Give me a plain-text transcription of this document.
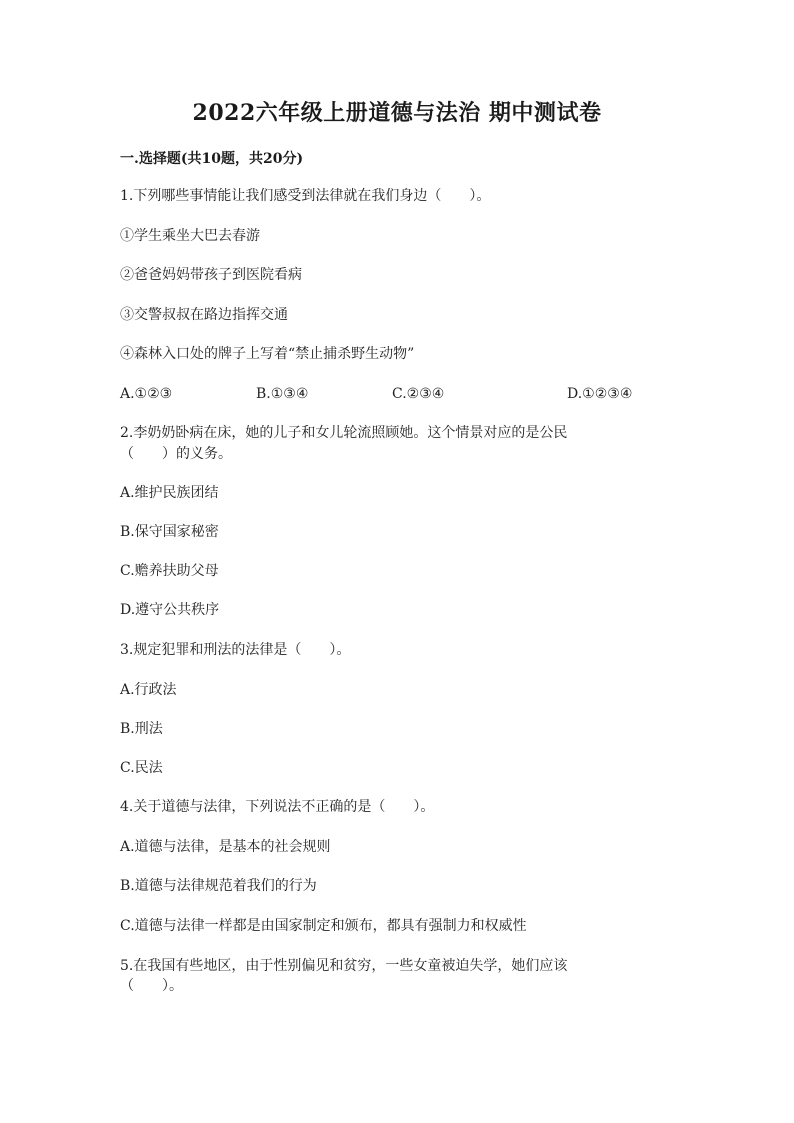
2022六年级上册道德与法治 期中测试卷
一.选择题(共10题，共20分)
1.下列哪些事情能让我们感受到法律就在我们身边（　　）。
①学生乘坐大巴去春游
②爸爸妈妈带孩子到医院看病
③交警叔叔在路边指挥交通
④森林入口处的牌子上写着“禁止捕杀野生动物”
A.①②③	B.①③④	C.②③④	D.①②③④
2.李奶奶卧病在床，她的儿子和女儿轮流照顾她。这个情景对应的是公民
（　　）的义务。
A.维护民族团结
B.保守国家秘密
C.赡养扶助父母
D.遵守公共秩序
3.规定犯罪和刑法的法律是（　　）。
A.行政法
B.刑法
C.民法
4.关于道德与法律，下列说法不正确的是（　　）。
A.道德与法律，是基本的社会规则
B.道德与法律规范着我们的行为
C.道德与法律一样都是由国家制定和颁布，都具有强制力和权威性
5.在我国有些地区，由于性别偏见和贫穷，一些女童被迫失学，她们应该
（　　）。
